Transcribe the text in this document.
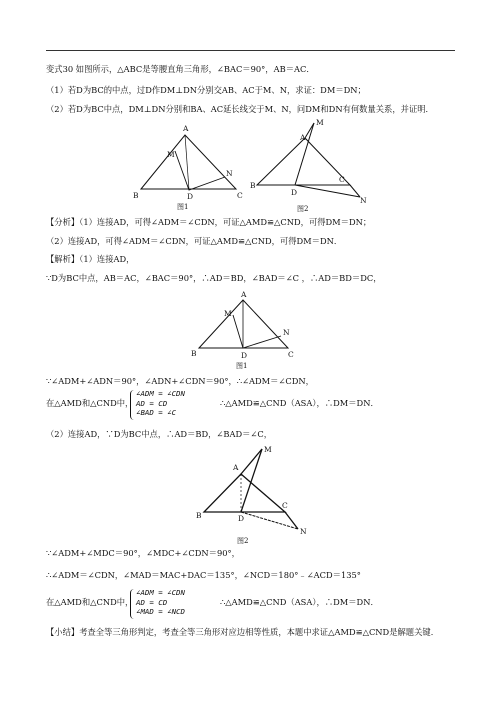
变式30 如图所示，△ABC是等腰直角三角形，∠BAC＝90°，AB＝AC．
（1）若D为BC的中点，过D作DM⊥DN分别交AB、AC于M、N，求证：DM＝DN；
（2）若D为BC中点，DM⊥DN分别和BA、AC延长线交于M、N，问DM和DN有何数量关系，并证明．
B
A
C
D
M
N
图1
B
A
C
D
M
N
图2
B
A
C
D
M
N
图1
B
A
C
D
M
N
图2
【分析】（1）连接AD，可得∠ADM＝∠CDN，可证△AMD≌△CND，可得DM＝DN；
（2）连接AD，可得∠ADM＝∠CDN，可证△AMD≌△CND，可得DM＝DN．
【解析】（1）连接AD，
∵D为BC中点，AB＝AC，∠BAC＝90°，∴AD＝BD，∠BAD＝∠C ，∴AD＝BD＝DC，
∵∠ADM+∠ADN＝90°，∠ADN+∠CDN＝90°，∴∠ADM＝∠CDN，
在△AMD和△CND中，
∠ADM = ∠CDN
AD = CD
∠BAD = ∠C
∴△AMD≌△CND（ASA），∴DM＝DN．
（2）连接AD，∵D为BC中点，∴AD＝BD，∠BAD＝∠C，
∵∠ADM+∠MDC＝90°，∠MDC+∠CDN＝90°，
∴∠ADM＝∠CDN，∠MAD＝MAC+DAC＝135°，∠NCD＝180°﹣∠ACD＝135°
在△AMD和△CND中，
∠ADM = ∠CDN
AD = CD
∠MAD = ∠NCD
∴△AMD≌△CND（ASA），∴DM＝DN．
【小结】考查全等三角形判定，考查全等三角形对应边相等性质，本题中求证△AMD≌△CND是解题关键．
